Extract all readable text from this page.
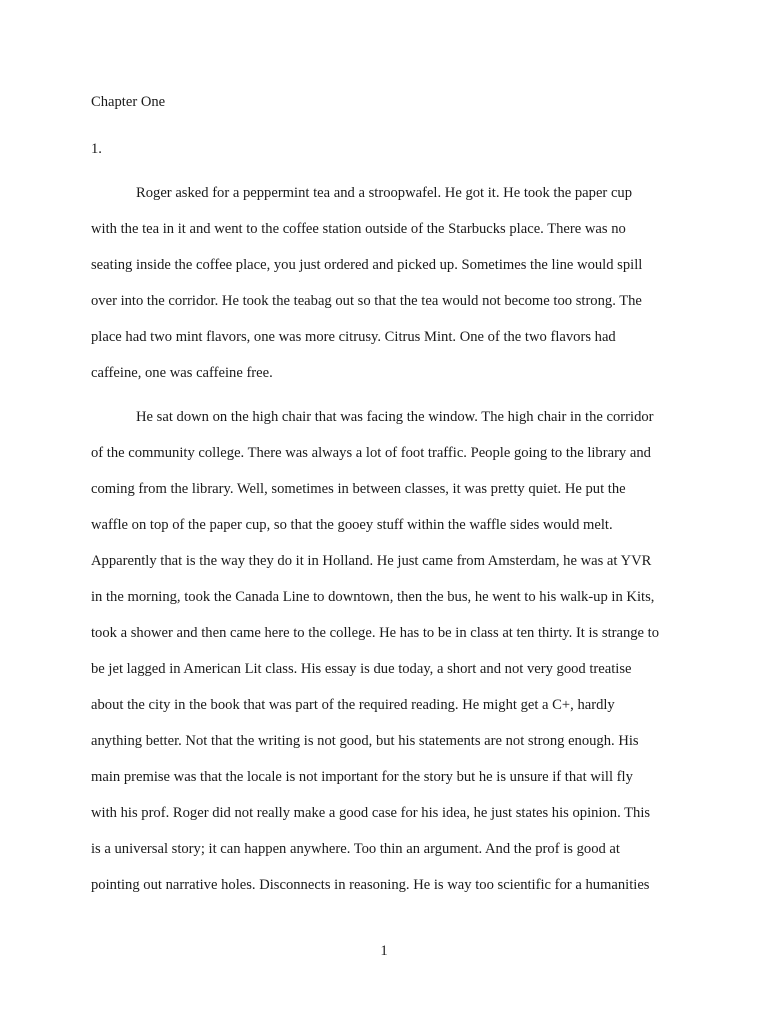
Chapter One
1.
Roger asked for a peppermint tea and a stroopwafel. He got it. He took the paper cup
with the tea in it and went to the coffee station outside of the Starbucks place. There was no
seating inside the coffee place, you just ordered and picked up. Sometimes the line would spill
over into the corridor. He took the teabag out so that the tea would not become too strong. The
place had two mint flavors, one was more citrusy. Citrus Mint. One of the two flavors had
caffeine, one was caffeine free.
He sat down on the high chair that was facing the window. The high chair in the corridor
of the community college. There was always a lot of foot traffic. People going to the library and
coming from the library. Well, sometimes in between classes, it was pretty quiet. He put the
waffle on top of the paper cup, so that the gooey stuff within the waffle sides would melt.
Apparently that is the way they do it in Holland. He just came from Amsterdam, he was at YVR
in the morning, took the Canada Line to downtown, then the bus, he went to his walk-up in Kits,
took a shower and then came here to the college. He has to be in class at ten thirty. It is strange to
be jet lagged in American Lit class. His essay is due today, a short and not very good treatise
about the city in the book that was part of the required reading. He might get a C+, hardly
anything better. Not that the writing is not good, but his statements are not strong enough. His
main premise was that the locale is not important for the story but he is unsure if that will fly
with his prof. Roger did not really make a good case for his idea, he just states his opinion. This
is a universal story; it can happen anywhere. Too thin an argument. And the prof is good at
pointing out narrative holes. Disconnects in reasoning. He is way too scientific for a humanities
1
